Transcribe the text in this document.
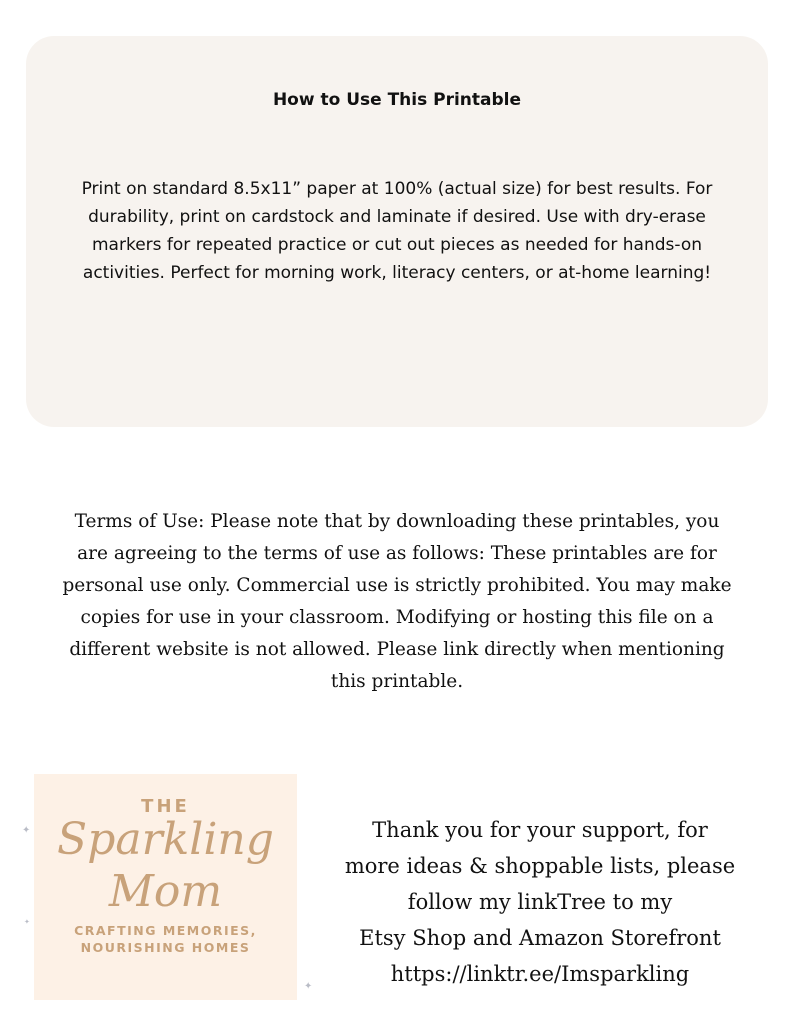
How to Use This Printable
Print on standard 8.5x11” paper at 100% (actual size) for best results. For durability, print on cardstock and laminate if desired. Use with dry-erase markers for repeated practice or cut out pieces as needed for hands-on activities. Perfect for morning work, literacy centers, or at-home learning!
Terms of Use: Please note that by downloading these printables, you are agreeing to the terms of use as follows: These printables are for personal use only. Commercial use is strictly prohibited. You may make copies for use in your classroom. Modifying or hosting this file on a different website is not allowed. Please link directly when mentioning this printable.
THE
Sparkling
Mom
CRAFTING MEMORIES,
NOURISHING HOMES
✦
✦
✦
Thank you for your support, for
more ideas & shoppable lists, please
follow my linkTree to my
Etsy Shop and Amazon Storefront
https://linktr.ee/Imsparkling
